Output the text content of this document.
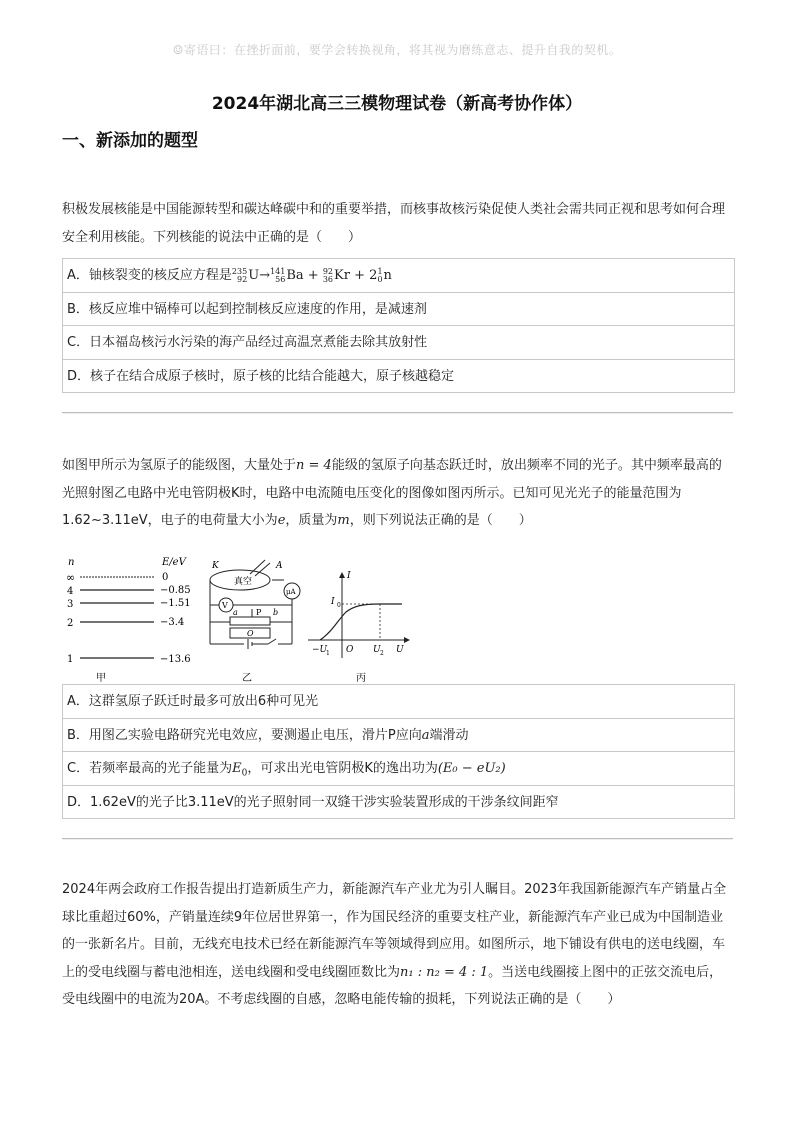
☺寄语曰：在挫折面前，要学会转换视角，将其视为磨练意志、提升自我的契机。
2024年湖北高三三模物理试卷（新高考协作体）
一、新添加的题型
积极发展核能是中国能源转型和碳达峰碳中和的重要举措，而核事故核污染促使人类社会需共同正视和思考如何合理安全利用核能。下列核能的说法中正确的是（　　）
A．铀核裂变的核反应方程是 235
92 U→ 141
56 Ba + 92
36 Kr + 2 1
0 n
B．核反应堆中镉棒可以起到控制核反应速度的作用，是减速剂
C．日本福岛核污水污染的海产品经过高温烹煮能去除其放射性
D．核子在结合成原子核时，原子核的比结合能越大，原子核越稳定
如图甲所示为氢原子的能级图，大量处于n = 4能级的氢原子向基态跃迁时，放出频率不同的光子。其中频率最高的光照射图乙电路中光电管阴极K时，电路中电流随电压变化的图像如图丙所示。已知可见光光子的能量范围为1.62~3.11eV，电子的电荷量大小为e，质量为m，则下列说法正确的是（　　）
n	E/eV
∞	0
4	−0.85
3	−1.51
2	−3.4
1	−13.6
甲
K	A
真空
V
μA
P
a	b
O
乙
I
I 0
O
−U
1	U 2 U
丙
A．这群氢原子跃迁时最多可放出6种可见光
B．用图乙实验电路研究光电效应，要测遏止电压，滑片P应向a端滑动
C．若频率最高的光子能量为$E_0$，可求出光电管阴极K的逸出功为(E₀ − eU₂)
D．1.62eV的光子比3.11eV的光子照射同一双缝干涉实验装置形成的干涉条纹间距窄
2024年两会政府工作报告提出打造新质生产力，新能源汽车产业尤为引人瞩目。2023年我国新能源汽车产销量占全球比重超过60%，产销量连续9年位居世界第一，作为国民经济的重要支柱产业，新能源汽车产业已成为中国制造业的一张新名片。目前，无线充电技术已经在新能源汽车等领域得到应用。如图所示，地下铺设有供电的送电线圈，车上的受电线圈与蓄电池相连，送电线圈和受电线圈匝数比为n₁ : n₂ = 4 : 1。当送电线圈接上图中的正弦交流电后，受电线圈中的电流为20A。不考虑线圈的自感，忽略电能传输的损耗，下列说法正确的是（　　）
